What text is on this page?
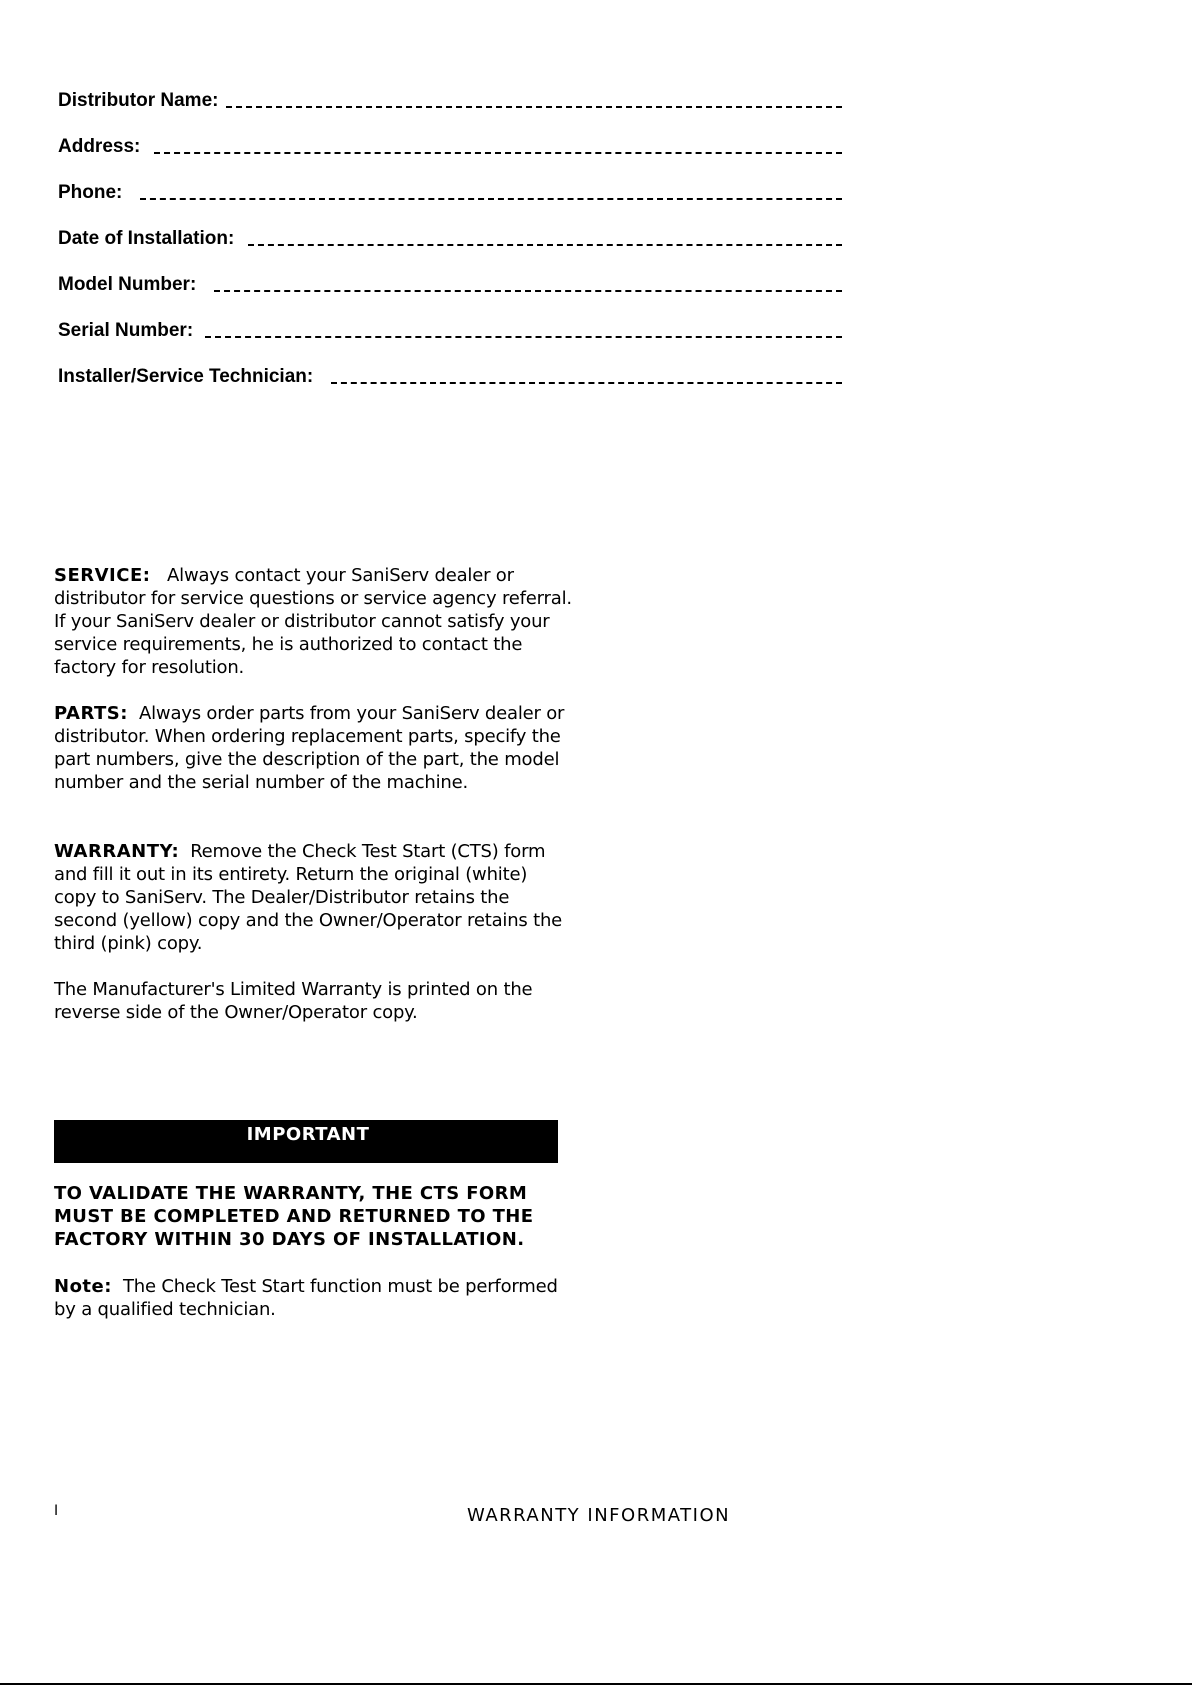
Distributor Name:
Address:
Phone:
Date of Installation:
Model Number:
Serial Number:
Installer/Service Technician:
SERVICE: Always contact your SaniServ dealer or distributor for service questions or service agency referral. If your SaniServ dealer or distributor cannot satisfy your service requirements, he is authorized to contact the factory for resolution.
PARTS: Always order parts from your SaniServ dealer or distributor. When ordering replacement parts, specify the part numbers, give the description of the part, the model number and the serial number of the machine.
WARRANTY: Remove the Check Test Start (CTS) form and fill it out in its entirety. Return the original (white) copy to SaniServ. The Dealer/Distributor retains the second (yellow) copy and the Owner/Operator retains the third (pink) copy.
The Manufacturer's Limited Warranty is printed on the reverse side of the Owner/Operator copy.
IMPORTANT
TO VALIDATE THE WARRANTY, THE CTS FORM MUST BE COMPLETED AND RETURNED TO THE FACTORY WITHIN 30 DAYS OF INSTALLATION.
Note: The Check Test Start function must be performed by a qualified technician.
I	WARRANTY INFORMATION
